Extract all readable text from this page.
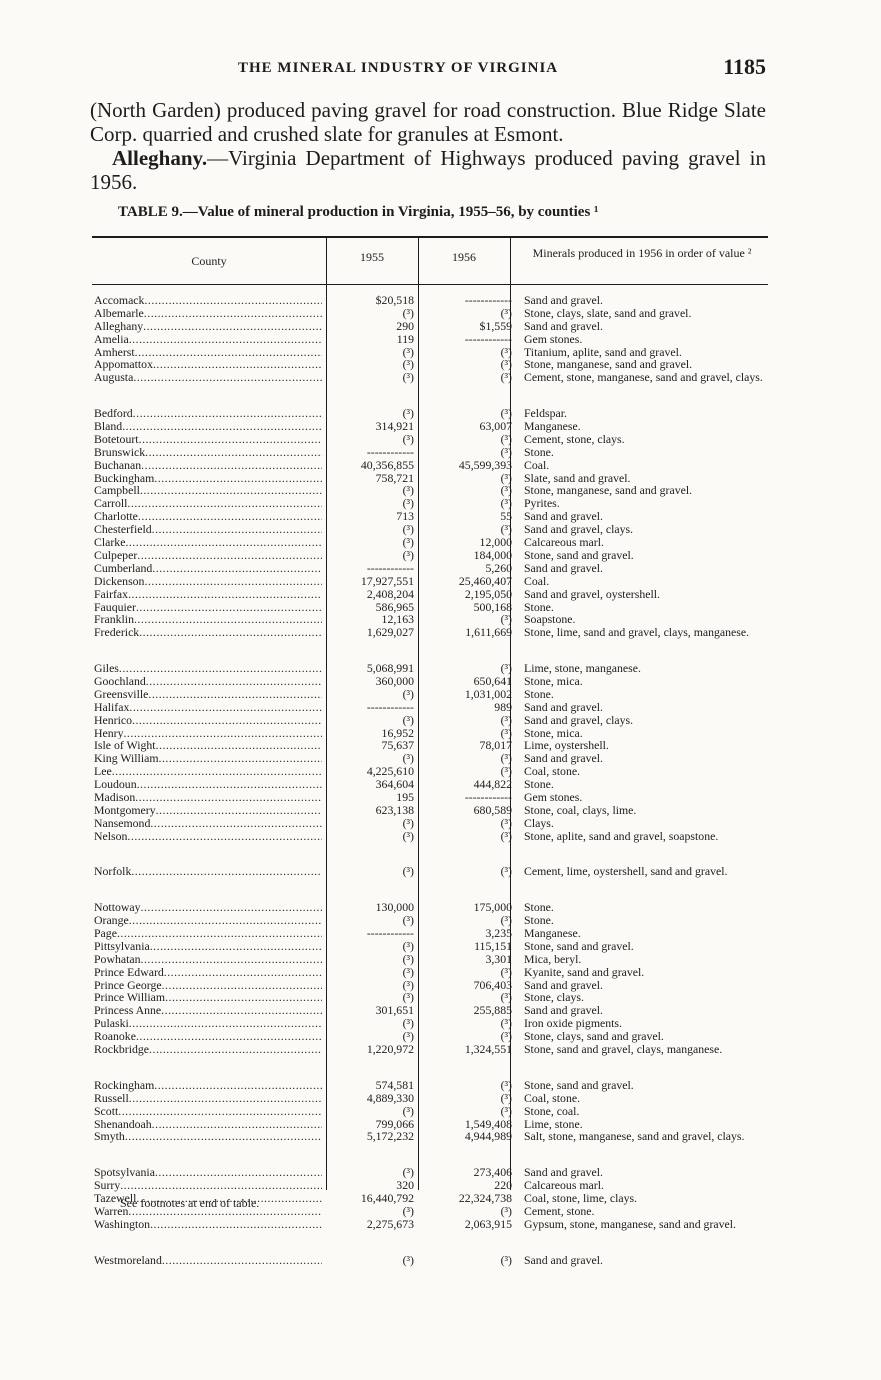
THE MINERAL INDUSTRY OF VIRGINIA	1185

(North Garden) produced paving gravel for road construction. Blue Ridge Slate Corp. quarried and crushed slate for granules at Esmont.

Alleghany.—Virginia Department of Highways produced paving gravel in 1956.

TABLE 9.—Value of mineral production in Virginia, 1955–56, by counties ¹
County	1955	1956	Minerals produced in 1956 in order of value ²
Accomack .....	$20,518	------------ Sand and gravel.
Albemarle .....	(³)	(³) Stone, clays, slate, sand and gravel.
Alleghany .....	290	$1,559 Sand and gravel.
Amelia .....	119	------------ Gem stones.
Amherst .....	(³)	(³) Titanium, aplite, sand and gravel.
Appomattox .....	(³)	(³) Stone, manganese, sand and gravel.
Augusta .....	(³)	(³) Cement, stone, manganese, sand and gravel, clays.
Bedford .....	(³)	(³) Feldspar.
Bland .....	314,921	63,007 Manganese.
Botetourt .....	(³)	(³) Cement, stone, clays.
Brunswick .....	------------	(³) Stone.
Buchanan .....	40,356,855	45,599,393 Coal.
Buckingham .....	758,721	(³) Slate, sand and gravel.
Campbell .....	(³)	(³) Stone, manganese, sand and gravel.
Carroll .....	(³)	(³) Pyrites.
Charlotte .....	713	55 Sand and gravel.
Chesterfield .....	(³)	(³) Sand and gravel, clays.
Clarke .....	(³)	12,000 Calcareous marl.
Culpeper .....	(³)	184,000 Stone, sand and gravel.
Cumberland .....	------------	5,260 Sand and gravel.
Dickenson .....	17,927,551	25,460,407 Coal.
Fairfax .....	2,408,204	2,195,050 Sand and gravel, oystershell.
Fauquier .....	586,965	500,168 Stone.
Franklin .....	12,163	(³) Soapstone.
Frederick .....	1,629,027	1,611,669 Stone, lime, sand and gravel, clays, manganese.
Giles .....	5,068,991	(³) Lime, stone, manganese.
Goochland .....	360,000	650,641 Stone, mica.
Greensville .....	(³)	1,031,002 Stone.
Halifax .....	------------	989 Sand and gravel.
Henrico .....	(³)	(³) Sand and gravel, clays.
Henry .....	16,952	(³) Stone, mica.
Isle of Wight .....	75,637	78,017 Lime, oystershell.
King William .....	(³)	(³) Sand and gravel.
Lee .....	4,225,610	(³) Coal, stone.
Loudoun .....	364,604	444,822 Stone.
Madison .....	195	------------ Gem stones.
Montgomery .....	623,138	680,589 Stone, coal, clays, lime.
Nansemond .....	(³)	(³) Clays.
Nelson .....	(³)	(³) Stone, aplite, sand and gravel, soapstone.
Norfolk .....	(³)	(³) Cement, lime, oystershell, sand and gravel.
Nottoway .....	130,000	175,000 Stone.
Orange .....	(³)	(³) Stone.
Page .....	------------	3,235 Manganese.
Pittsylvania .....	(³)	115,151 Stone, sand and gravel.
Powhatan .....	(³)	3,301 Mica, beryl.
Prince Edward .....	(³)	(³) Kyanite, sand and gravel.
Prince George .....	(³)	706,403 Sand and gravel.
Prince William .....	(³)	(³) Stone, clays.
Princess Anne .....	301,651	255,885 Sand and gravel.
Pulaski .....	(³)	(³) Iron oxide pigments.
Roanoke .....	(³)	(³) Stone, clays, sand and gravel.
Rockbridge .....	1,220,972	1,324,551 Stone, sand and gravel, clays, manganese.
Rockingham .....	574,581	(³) Stone, sand and gravel.
Russell .....	4,889,330	(³) Coal, stone.
Scott .....	(³)	(³) Stone, coal.
Shenandoah .....	799,066	1,549,408 Lime, stone.
Smyth .....	5,172,232	4,944,989 Salt, stone, manganese, sand and gravel, clays.
Spotsylvania .....	(³)	273,406 Sand and gravel.
Surry .....	320	220 Calcareous marl.
Tazewell .....	16,440,792	22,324,738 Coal, stone, lime, clays.
Warren .....	(³)	(³) Cement, stone.
Washington .....	2,275,673	2,063,915 Gypsum, stone, manganese, sand and gravel.
Westmoreland .....	(³)	(³) Sand and gravel.
See footnotes at end of table.
